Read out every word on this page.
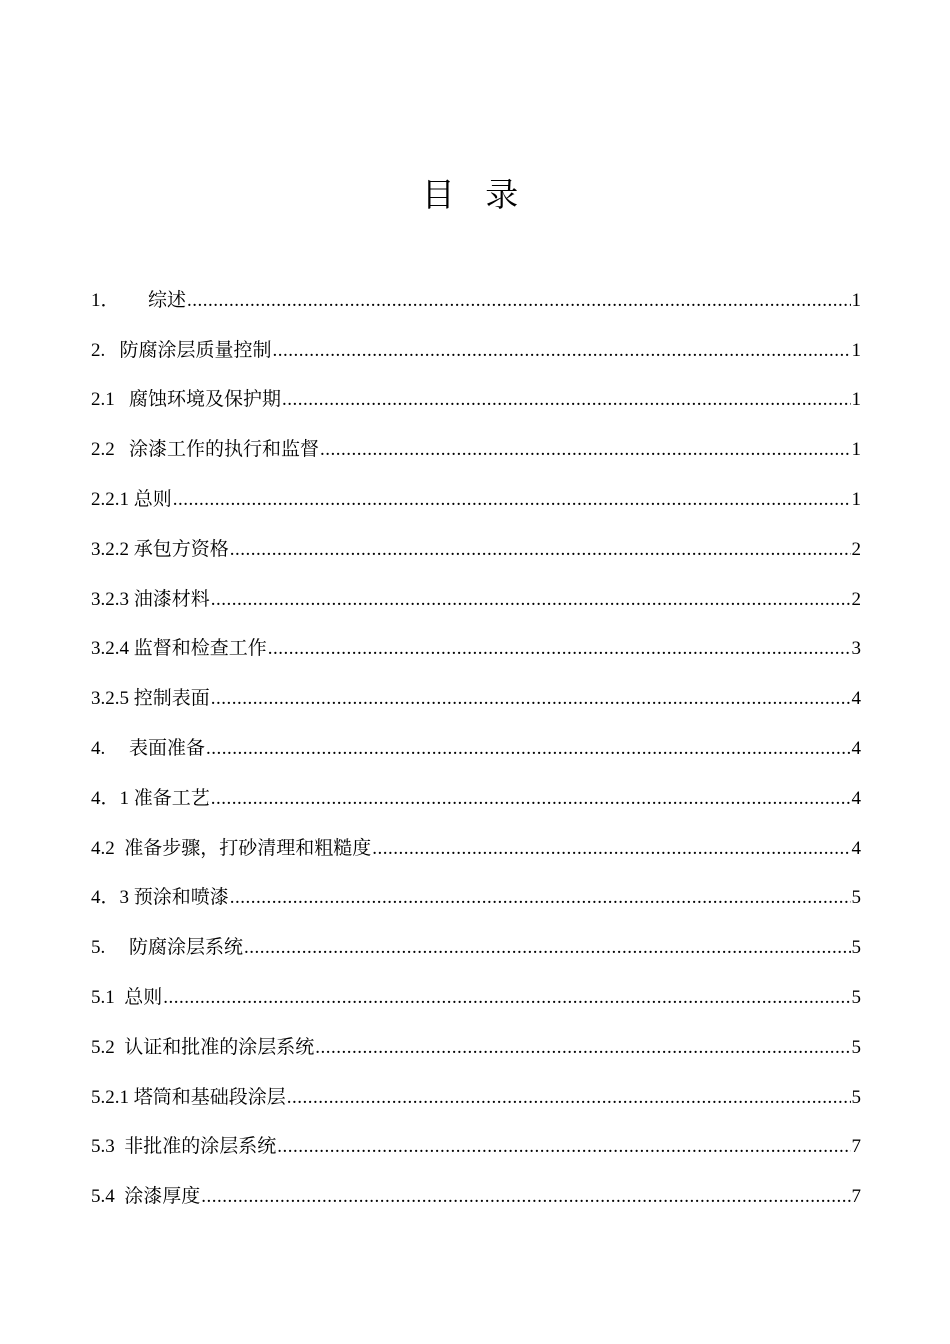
目 录
1．      综述 .....	1
2.   防腐涂层质量控制 .....	1
2.1   腐蚀环境及保护期 .....	1
2.2   涂漆工作的执行和监督 .....	1
2.2.1 总则 .....	1
3.2.2 承包方资格 .....	2
3.2.3 油漆材料 .....	2
3.2.4 监督和检查工作 .....	3
3.2.5 控制表面 .....	4
4.     表面准备 .....	4
4．1 准备工艺 .....	4
4.2  准备步骤，打砂清理和粗糙度 .....	4
4．3 预涂和喷漆 .....	5
5.     防腐涂层系统 .....	5
5.1  总则 .....	5
5.2  认证和批准的涂层系统 .....	5
5.2.1 塔筒和基础段涂层 .....	5
5.3  非批准的涂层系统 .....	7
5.4  涂漆厚度 .....	7
